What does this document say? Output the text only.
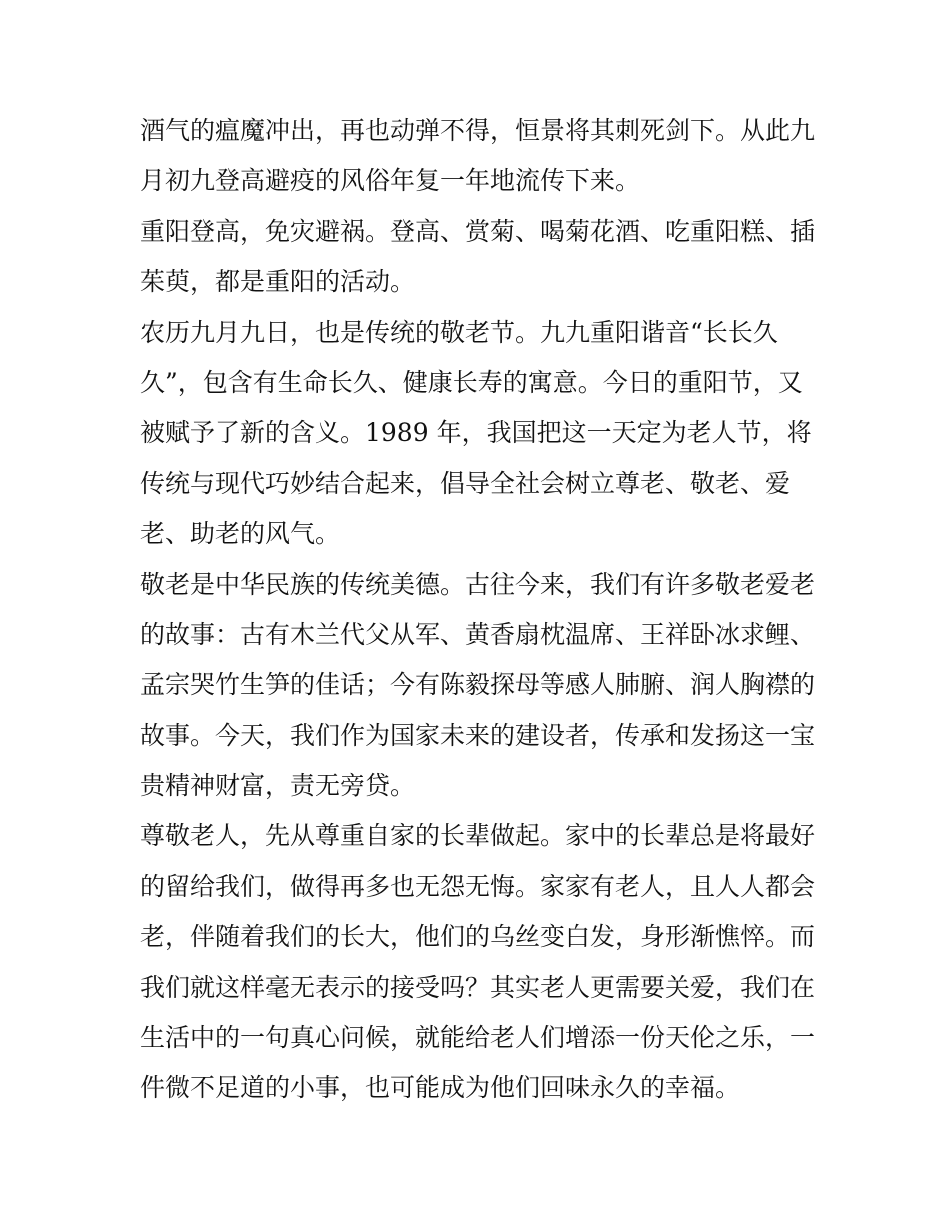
酒气的瘟魔冲出，再也动弹不得，恒景将其刺死剑下。从此九
月初九登高避疫的风俗年复一年地流传下来。
重阳登高，免灾避祸。登高、赏菊、喝菊花酒、吃重阳糕、插
茱萸，都是重阳的活动。
农历九月九日，也是传统的敬老节。九九重阳谐音“长长久
久”，包含有生命长久、健康长寿的寓意。今日的重阳节，又
被赋予了新的含义。1989 年，我国把这一天定为老人节，将
传统与现代巧妙结合起来，倡导全社会树立尊老、敬老、爱
老、助老的风气。
敬老是中华民族的传统美德。古往今来，我们有许多敬老爱老
的故事：古有木兰代父从军、黄香扇枕温席、王祥卧冰求鲤、
孟宗哭竹生笋的佳话；今有陈毅探母等感人肺腑、润人胸襟的
故事。今天，我们作为国家未来的建设者，传承和发扬这一宝
贵精神财富，责无旁贷。
尊敬老人，先从尊重自家的长辈做起。家中的长辈总是将最好
的留给我们，做得再多也无怨无悔。家家有老人，且人人都会
老，伴随着我们的长大，他们的乌丝变白发，身形渐憔悴。而
我们就这样毫无表示的接受吗？其实老人更需要关爱，我们在
生活中的一句真心问候，就能给老人们增添一份天伦之乐，一
件微不足道的小事，也可能成为他们回味永久的幸福。
